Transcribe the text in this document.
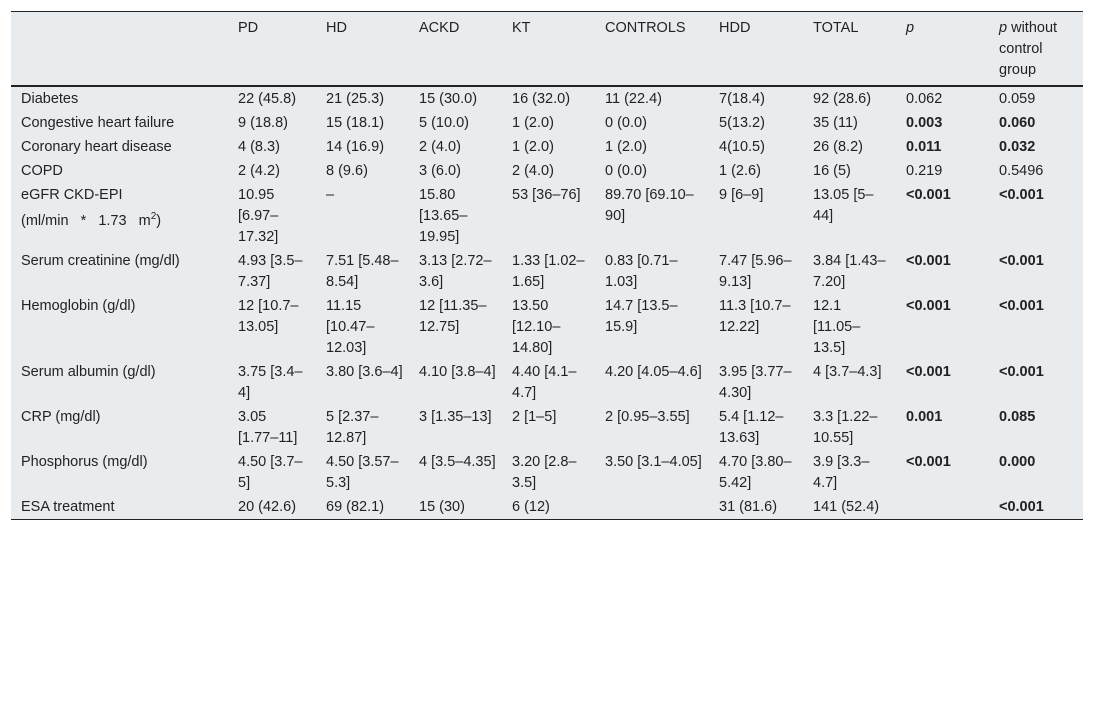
	PD	HD	ACKD	KT	CONTROLS	HDD	TOTAL	p	p without control group
Diabetes	22 (45.8)	21 (25.3)	15 (30.0)	16 (32.0)	11 (22.4)	7(18.4)	92 (28.6)	0.062	0.059
Congestive heart failure	9 (18.8)	15 (18.1)	5 (10.0)	1 (2.0)	0 (0.0)	5(13.2)	35 (11)	0.003	0.060
Coronary heart disease	4 (8.3)	14 (16.9)	2 (4.0)	1 (2.0)	1 (2.0)	4(10.5)	26 (8.2)	0.011	0.032
COPD	2 (4.2)	8 (9.6)	3 (6.0)	2 (4.0)	0 (0.0)	1 (2.6)	16 (5)	0.219	0.5496
eGFR CKD-EPI
(ml/min   *   1.73   $m^2$)	10.95 [6.97–17.32]	–	15.80 [13.65–19.95]	53 [36–76]	89.70 [69.10–90]	9 [6–9]	13.05 [5–44]	<0.001	<0.001
Serum creatinine (mg/dl)	4.93 [3.5–7.37]	7.51 [5.48–8.54]	3.13 [2.72–3.6]	1.33 [1.02–1.65]	0.83 [0.71–1.03]	7.47 [5.96–9.13]	3.84 [1.43–7.20]	<0.001	<0.001
Hemoglobin (g/dl)	12 [10.7–13.05]	11.15 [10.47–12.03]	12 [11.35–12.75]	13.50 [12.10–14.80]	14.7 [13.5–15.9]	11.3 [10.7–12.22]	12.1 [11.05–13.5]	<0.001	<0.001
Serum albumin (g/dl)	3.75 [3.4–4]	3.80 [3.6–4]	4.10 [3.8–4]	4.40 [4.1–4.7]	4.20 [4.05–4.6]	3.95 [3.77–4.30]	4 [3.7–4.3]	<0.001	<0.001
CRP (mg/dl)	3.05 [1.77–11]	5 [2.37–12.87]	3 [1.35–13]	2 [1–5]	2 [0.95–3.55]	5.4 [1.12–13.63]	3.3 [1.22–10.55]	0.001	0.085
Phosphorus (mg/dl)	4.50 [3.7–5]	4.50 [3.57–5.3]	4 [3.5–4.35]	3.20 [2.8–3.5]	3.50 [3.1–4.05]	4.70 [3.80–5.42]	3.9 [3.3–4.7]	<0.001	0.000
ESA treatment	20 (42.6)	69 (82.1)	15 (30)	6 (12)		31 (81.6)	141 (52.4)		<0.001
